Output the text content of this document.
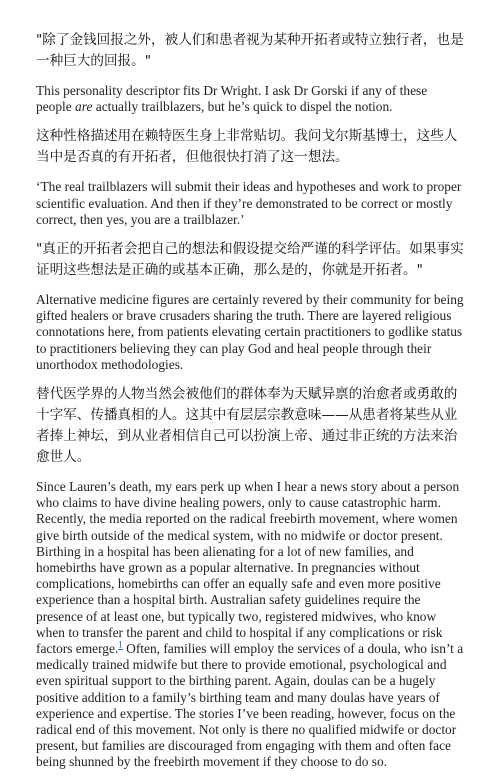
"除了金钱回报之外，被人们和患者视为某种开拓者或特立独行者，也是一种巨大的回报。"

This personality descriptor fits Dr Wright. I ask Dr Gorski if any of these people are actually trailblazers, but he’s quick to dispel the notion.

这种性格描述用在赖特医生身上非常贴切。我问戈尔斯基博士，这些人当中是否真的有开拓者，但他很快打消了这一想法。

‘The real trailblazers will submit their ideas and hypotheses and work to proper scientific evaluation. And then if they’re demonstrated to be correct or mostly correct, then yes, you are a trailblazer.’

"真正的开拓者会把自己的想法和假设提交给严谨的科学评估。如果事实证明这些想法是正确的或基本正确，那么是的，你就是开拓者。"

Alternative medicine figures are certainly revered by their community for being gifted healers or brave crusaders sharing the truth. There are layered religious connotations here, from patients elevating certain practitioners to godlike status to practitioners believing they can play God and heal people through their unorthodox methodologies.

替代医学界的人物当然会被他们的群体奉为天赋异禀的治愈者或勇敢的十字军、传播真相的人。这其中有层层宗教意味——从患者将某些从业者捧上神坛，到从业者相信自己可以扮演上帝、通过非正统的方法来治愈世人。

Since Lauren’s death, my ears perk up when I hear a news story about a person who claims to have divine healing powers, only to cause catastrophic harm. Recently, the media reported on the radical freebirth movement, where women give birth outside of the medical system, with no midwife or doctor present. Birthing in a hospital has been alienating for a lot of new families, and homebirths have grown as a popular alternative. In pregnancies without complications, homebirths can offer an equally safe and even more positive experience than a hospital birth. Australian safety guidelines require the presence of at least one, but typically two, registered midwives, who know when to transfer the parent and child to hospital if any complications or risk factors emerge.$^1$ Often, families will employ the services of a doula, who isn’t a medically trained midwife but there to provide emotional, psychological and even spiritual support to the birthing parent. Again, doulas can be a hugely positive addition to a family’s birthing team and many doulas have years of experience and expertise. The stories I’ve been reading, however, focus on the radical end of this movement. Not only is there no qualified midwife or doctor present, but families are discouraged from engaging with them and often face being shunned by the freebirth movement if they choose to do so.
